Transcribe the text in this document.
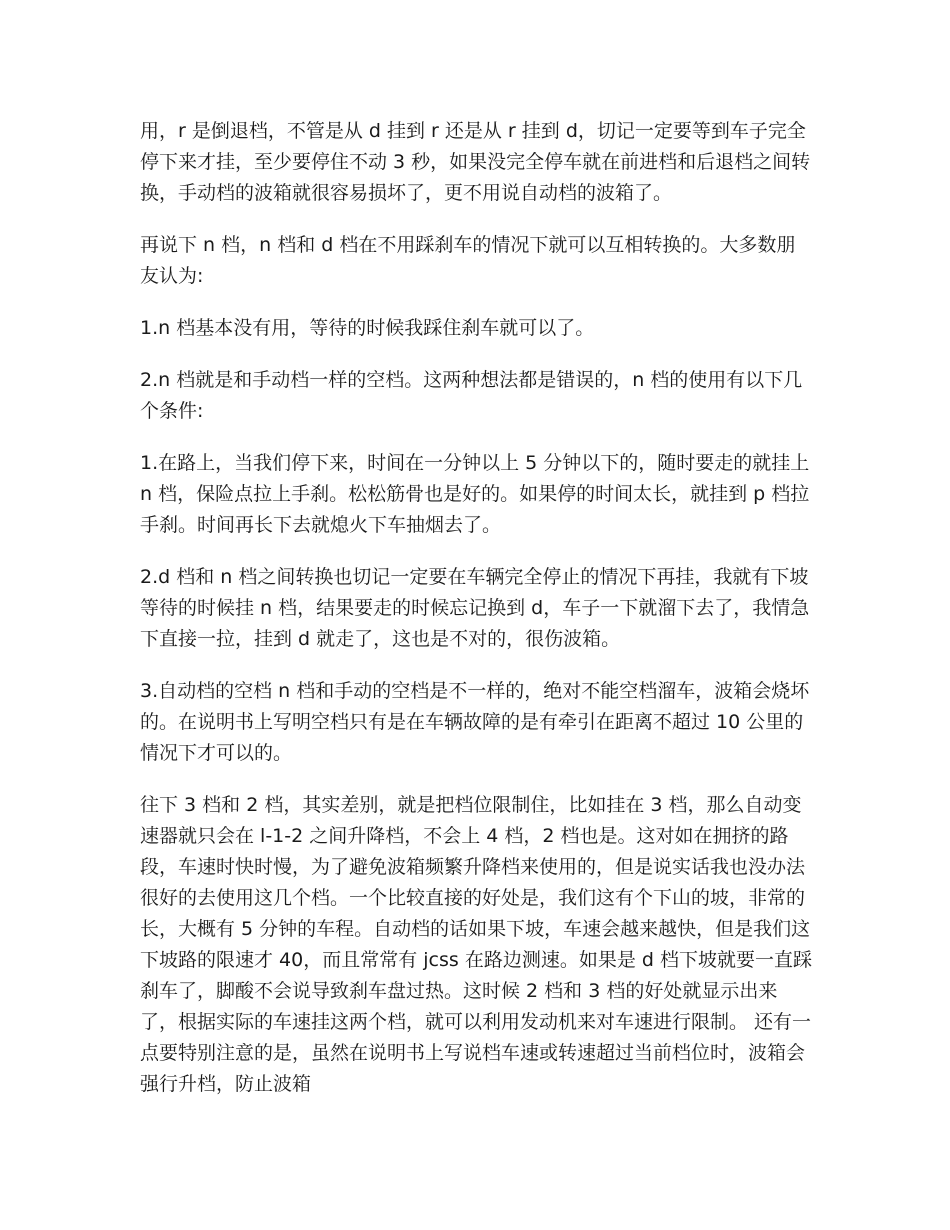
用，r 是倒退档，不管是从 d 挂到 r 还是从 r 挂到 d，切记一定要等到车子完全停下来才挂，至少要停住不动 3 秒，如果没完全停车就在前进档和后退档之间转换，手动档的波箱就很容易损坏了，更不用说自动档的波箱了。

再说下 n 档，n 档和 d 档在不用踩刹车的情况下就可以互相转换的。大多数朋友认为:

1.n 档基本没有用，等待的时候我踩住刹车就可以了。

2.n 档就是和手动档一样的空档。这两种想法都是错误的，n 档的使用有以下几个条件:

1.在路上，当我们停下来，时间在一分钟以上 5 分钟以下的，随时要走的就挂上 n 档，保险点拉上手刹。松松筋骨也是好的。如果停的时间太长，就挂到 p 档拉手刹。时间再长下去就熄火下车抽烟去了。

2.d 档和 n 档之间转换也切记一定要在车辆完全停止的情况下再挂，我就有下坡等待的时候挂 n 档，结果要走的时候忘记换到 d，车子一下就溜下去了，我情急下直接一拉，挂到 d 就走了，这也是不对的，很伤波箱。

3.自动档的空档 n 档和手动的空档是不一样的，绝对不能空档溜车，波箱会烧坏的。在说明书上写明空档只有是在车辆故障的是有牵引在距离不超过 10 公里的情况下才可以的。

往下 3 档和 2 档，其实差别，就是把档位限制住，比如挂在 3 档，那么自动变速器就只会在 l-1-2 之间升降档，不会上 4 档，2 档也是。这对如在拥挤的路段，车速时快时慢，为了避免波箱频繁升降档来使用的，但是说实话我也没办法很好的去使用这几个档。一个比较直接的好处是，我们这有个下山的坡，非常的长，大概有 5 分钟的车程。自动档的话如果下坡，车速会越来越快，但是我们这下坡路的限速才 40，而且常常有 jcss 在路边测速。如果是 d 档下坡就要一直踩刹车了，脚酸不会说导致刹车盘过热。这时候 2 档和 3 档的好处就显示出来了，根据实际的车速挂这两个档，就可以利用发动机来对车速进行限制。 还有一点要特别注意的是，虽然在说明书上写说档车速或转速超过当前档位时，波箱会强行升档，防止波箱
